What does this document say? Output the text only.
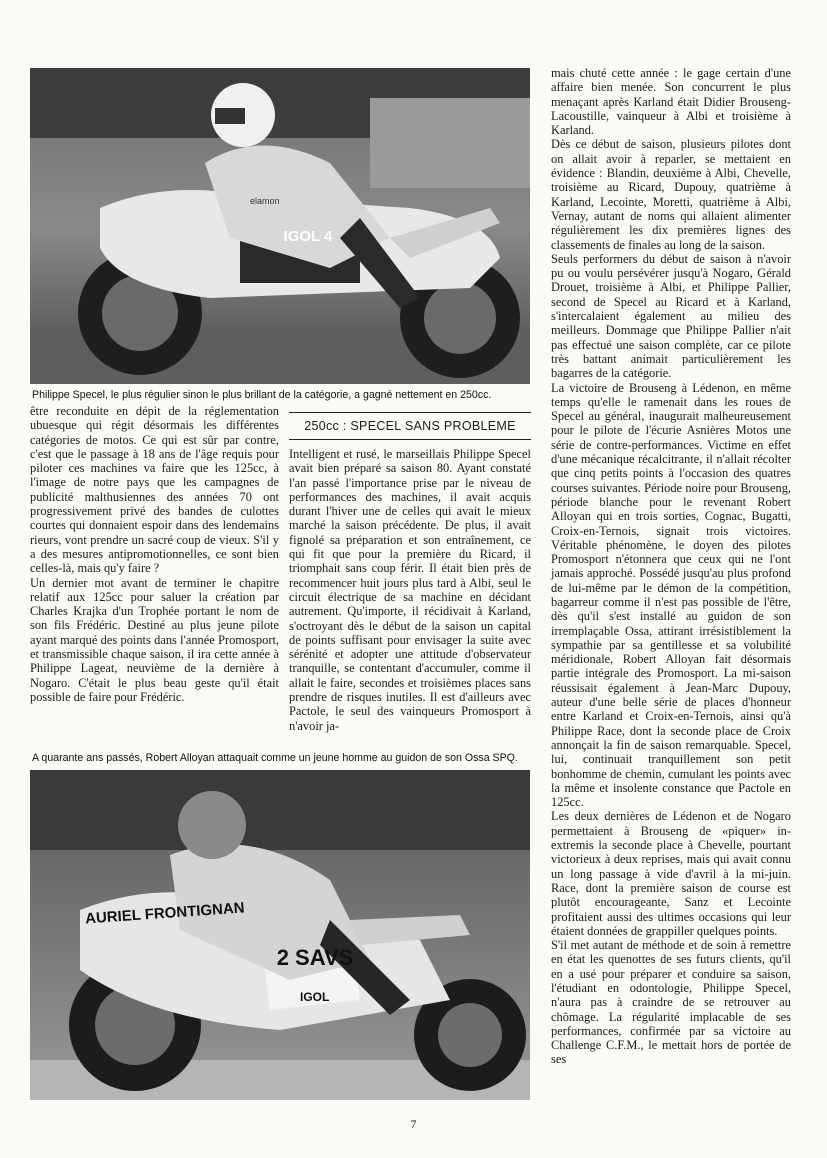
IGOL 4
elamon
Philippe Specel, le plus régulier sinon le plus brillant de la catégorie, a gagné nettement en 250cc.

être reconduite en dépit de la réglementation ubuesque qui régit désormais les différentes catégories de motos. Ce qui est sûr par contre, c'est que le passage à 18 ans de l'âge requis pour piloter ces machines va faire que les 125cc, à l'image de notre pays que les campagnes de publicité malthusiennes des années 70 ont progressivement privé des bandes de culottes courtes qui donnaient espoir dans des lendemains rieurs, vont prendre un sacré coup de vieux. S'il y a des mesures antipromotionnelles, ce sont bien celles-là, mais qu'y faire ?

Un dernier mot avant de terminer le chapitre relatif aux 125cc pour saluer la création par Charles Krajka d'un Trophée portant le nom de son fils Frédéric. Destiné au plus jeune pilote ayant marqué des points dans l'année Promosport, et transmissible chaque saison, il ira cette année à Philippe Lageat, neuvième de la dernière à Nogaro. C'était le plus beau geste qu'il était possible de faire pour Frédéric.

250cc : SPECEL SANS PROBLEME

Intelligent et rusé, le marseillais Philippe Specel avait bien préparé sa saison 80. Ayant constaté l'an passé l'importance prise par le niveau de performances des machines, il avait acquis durant l'hiver une de celles qui avait le mieux marché la saison précédente. De plus, il avait fignolé sa préparation et son entraînement, ce qui fit que pour la première du Ricard, il triomphait sans coup férir. Il était bien près de recommencer huit jours plus tard à Albi, seul le circuit électrique de sa machine en décidant autrement. Qu'importe, il récidivait à Karland, s'octroyant dès le début de la saison un capital de points suffisant pour envisager la suite avec sérénité et adopter une attitude d'observateur tranquille, se contentant d'accumuler, comme il allait le faire, secondes et troisièmes places sans prendre de risques inutiles. Il est d'ailleurs avec Pactole, le seul des vainqueurs Promosport à n'avoir ja-

A quarante ans passés, Robert Alloyan attaquait comme un jeune homme au guidon de son Ossa SPQ.
AURIEL FRONTIGNAN
2 SAVS
IGOL

mais chuté cette année : le gage certain d'une affaire bien menée. Son concurrent le plus menaçant après Karland était Didier Brouseng-Lacoustille, vainqueur à Albi et troisième à Karland.

Dès ce début de saison, plusieurs pilotes dont on allait avoir à reparler, se mettaient en évidence : Blandin, deuxième à Albi, Chevelle, troisième au Ricard, Dupouy, quatrième à Karland, Lecointe, Moretti, quatrième à Albi, Vernay, autant de noms qui allaient alimenter régulièrement les dix premières lignes des classements de finales au long de la saison.

Seuls performers du début de saison à n'avoir pu ou voulu persévérer jusqu'à Nogaro, Gérald Drouet, troisième à Albi, et Philippe Pallier, second de Specel au Ricard et à Karland, s'intercalaient également au milieu des meilleurs. Dommage que Philippe Pallier n'ait pas effectué une saison complète, car ce pilote très battant animait particulièrement les bagarres de la catégorie.

La victoire de Brouseng à Lédenon, en même temps qu'elle le ramenait dans les roues de Specel au général, inaugurait malheureusement pour le pilote de l'écurie Asnières Motos une série de contre-performances. Victime en effet d'une mécanique récalcitrante, il n'allait récolter que cinq petits points à l'occasion des quatres courses suivantes. Période noire pour Brouseng, période blanche pour le revenant Robert Alloyan qui en trois sorties, Cognac, Bugatti, Croix-en-Ternois, signait trois victoires. Véritable phénomène, le doyen des pilotes Promosport n'étonnera que ceux qui ne l'ont jamais approché. Possédé jusqu'au plus profond de lui-même par le démon de la compétition, bagarreur comme il n'est pas possible de l'être, dès qu'il s'est installé au guidon de son irremplaçable Ossa, attirant irrésistiblement la sympathie par sa gentillesse et sa volubilité méridionale, Robert Alloyan fait désormais partie intégrale des Promosport. La mi-saison réussisait également à Jean-Marc Dupouy, auteur d'une belle série de places d'honneur entre Karland et Croix-en-Ternois, ainsi qu'à Philippe Race, dont la seconde place de Croix annonçait la fin de saison remarquable. Specel, lui, continuait tranquillement son petit bonhomme de chemin, cumulant les points avec la même et insolente constance que Pactole en 125cc.

Les deux dernières de Lédenon et de Nogaro permettaient à Brouseng de «piquer» in-extremis la seconde place à Chevelle, pourtant victorieux à deux reprises, mais qui avait connu un long passage à vide d'avril à la mi-juin. Race, dont la première saison de course est plutôt encourageante, Sanz et Lecointe profitaient aussi des ultimes occasions qui leur étaient données de grappiller quelques points.

S'il met autant de méthode et de soin à remettre en état les quenottes de ses futurs clients, qu'il en a usé pour préparer et conduire sa saison, l'étudiant en odontologie, Philippe Specel, n'aura pas à craindre de se retrouver au chômage. La régularité implacable de ses performances, confirmée par sa victoire au Challenge C.F.M., le mettait hors de portée de ses

7
